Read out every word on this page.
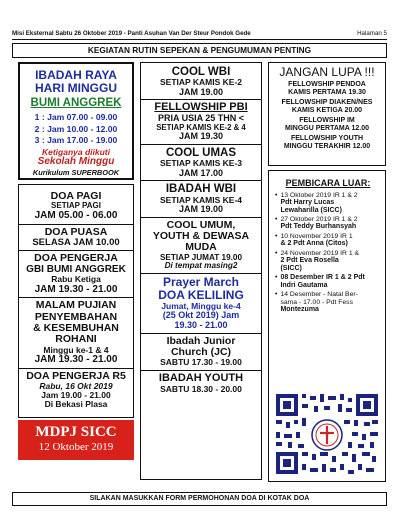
Misi Eksternal Sabtu 26 Oktober 2019 - Panti Asuhan Van Der Steur Pondok Gede	Halaman 5
KEGIATAN RUTIN SEPEKAN & PENGUMUMAN PENTING
IBADAH RAYA
HARI MINGGU
BUMI ANGGREK
1 : Jam 07.00 - 09.00
2 : Jam 10.00 - 12.00
3 : Jam 17.00 - 19.00
Ketiganya diikuti
Sekolah Minggu
Kurikulum SUPERBOOK
DOA PAGI
SETIAP PAGI
JAM 05.00 - 06.00
DOA PUASA
SELASA JAM 10.00
DOA PENGERJA
GBI BUMI ANGGREK
Rabu Ketiga
JAM 19.30 - 21.00
MALAM PUJIAN
PENYEMBAHAN
& KESEMBUHAN
ROHANI
Minggu ke-1 & 4
JAM 19.30 - 21.00
DOA PENGERJA R5
Rabu, 16 Okt 2019
Jam 19.00 - 21.00
Di Bekasi Plasa
MDPJ SICC
12 Oktober 2019
COOL WBI
SETIAP KAMIS KE-2
JAM 19.00
FELLOWSHIP PBI
PRIA USIA 25 THN <
SETIAP KAMIS KE-2 & 4
JAM 19.30
COOL UMAS
SETIAP KAMIS KE-3
JAM 17.00
IBADAH WBI
SETIAP KAMIS KE-4
JAM 19.00
COOL UMUM,
YOUTH & DEWASA
MUDA
SETIAP JUMAT 19.00
Di tempat masing2
Prayer March
DOA KELILING
Jumat, Minggu ke-4
(25 Okt 2019) Jam
19.30 - 21.00
Ibadah Junior
Church (JC)
SABTU 17.30 - 19.00
IBADAH YOUTH
SABTU 18.30 - 20.00
JANGAN LUPA !!!
FELLOWSHIP PENDOA
KAMIS PERTAMA 19.30
FELLOWSHIP DIAKEN/NES
KAMIS KETIGA 20.00
FELLOWSHIP IM
MINGGU PERTAMA 12.00
FELLOWSHIP YOUTH
MINGGU TERAKHIR 12.00
PEMBICARA LUAR:
• 13 Oktober 2019 IR 1 & 2
Pdt Harry Lucas
Lewaharilla (SICC)
• 27 Oktober 2019 IR 1 & 2
Pdt Teddy Burhansyah
• 10 November 2019 IR 1
& 2 Pdt Anna (Citos)
• 24 November 2019 IR 1 &
2 Pdt Eva Rosella
(SICC)
• 08 Desember IR 1 & 2 Pdt
Indri Gautama
• 14 Desember - Natal Ber-
sama - 17.00 - Pdt Fess
Montezuma
SILAKAN MASUKKAN FORM PERMOHONAN DOA DI KOTAK DOA
